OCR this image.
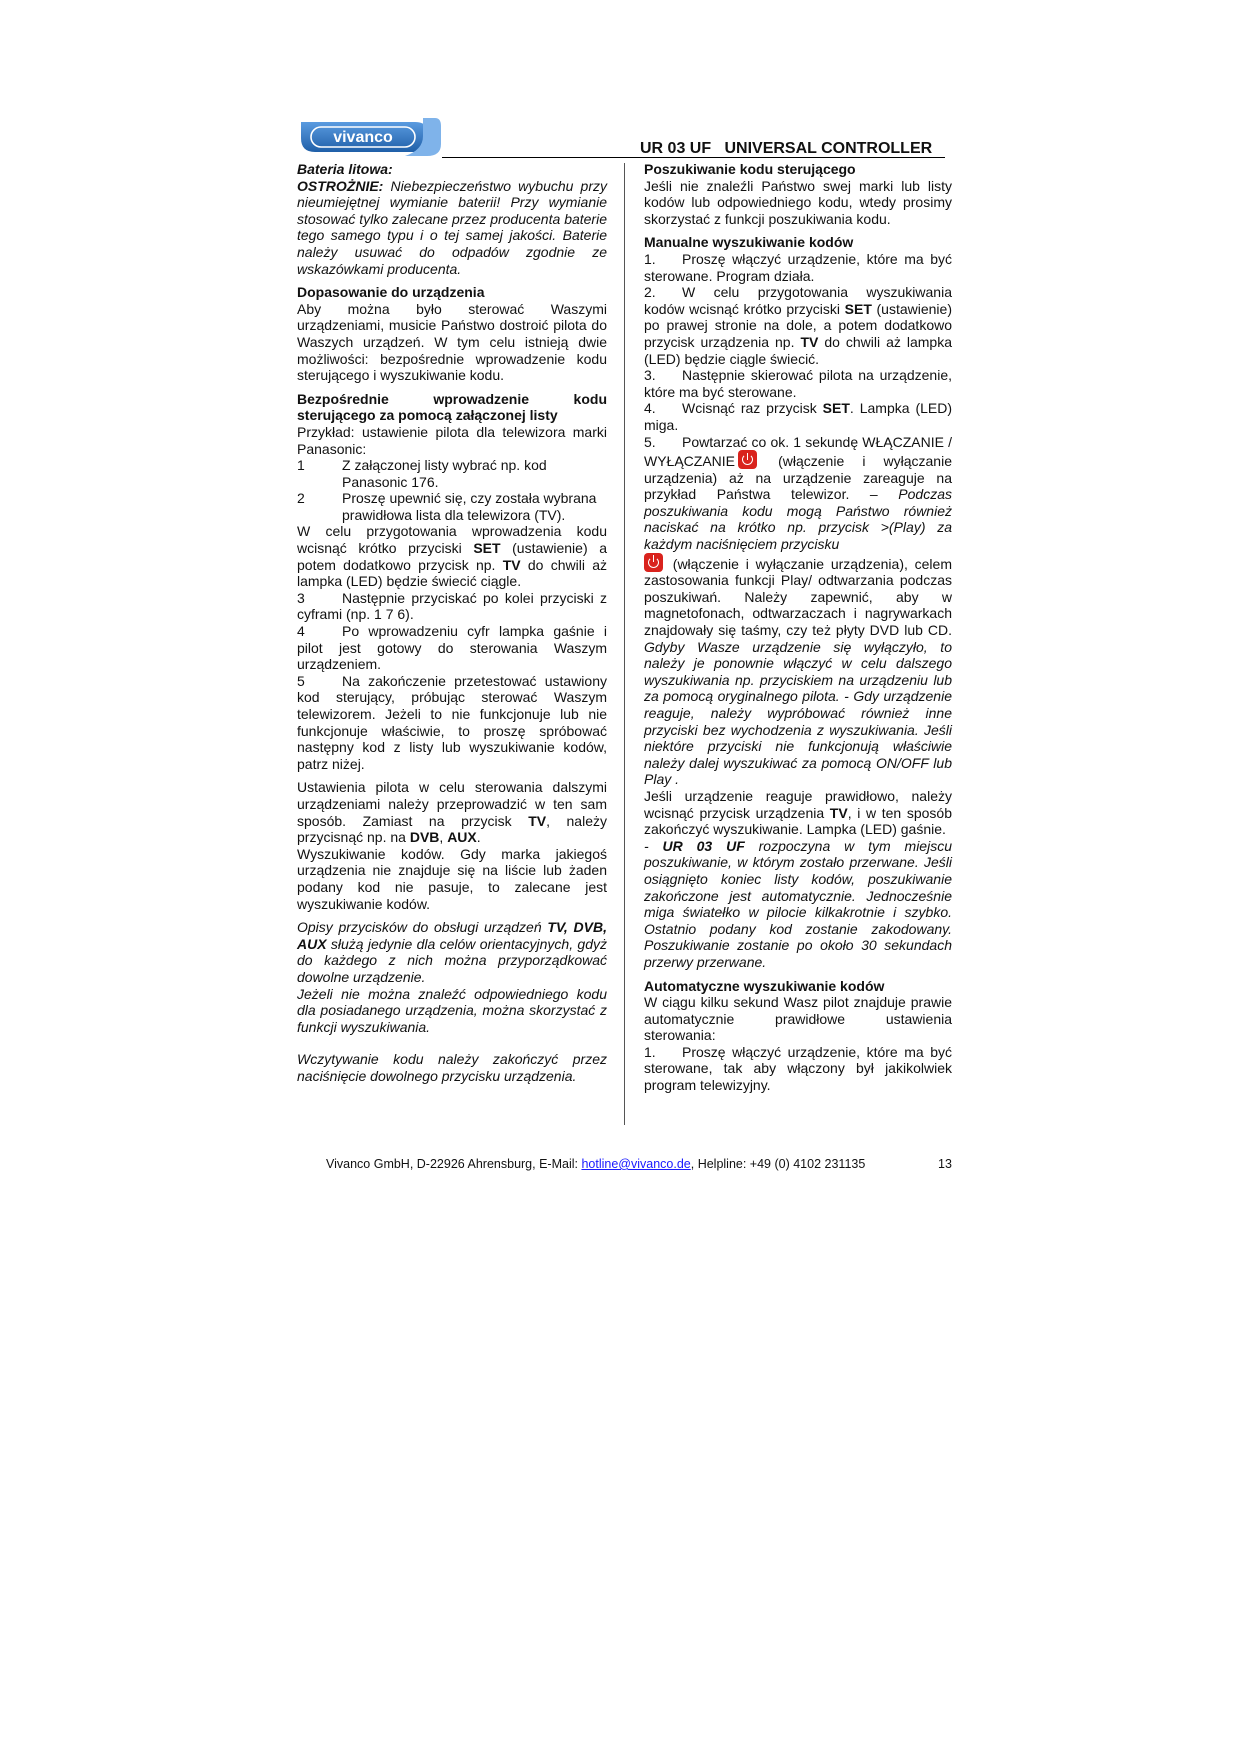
vivanco
UR 03 UF   UNIVERSAL CONTROLLER

Bateria litowa:

OSTROŻNIE: Niebezpieczeństwo wybuchu przy nieumiejętnej wymianie baterii! Przy wymianie stosować tylko zalecane przez producenta baterie tego samego typu i o tej samej jakości. Baterie należy usuwać do odpadów zgodnie ze wskazówkami producenta.

Dopasowanie do urządzenia

Aby można było sterować Waszymi urządzeniami, musicie Państwo dostroić pilota do Waszych urządzeń. W tym celu istnieją dwie możliwości: bezpośrednie wprowadzenie kodu sterującego i wyszukiwanie kodu.

Bezpośrednie wprowadzenie kodu sterującego za pomocą załączonej listy

Przykład: ustawienie pilota dla telewizora marki Panasonic:

1	Z załączonej listy wybrać np. kod Panasonic 176.

2	Proszę upewnić się, czy została wybrana prawidłowa lista dla telewizora (TV).

W celu przygotowania wprowadzenia kodu wcisnąć krótko przyciski SET (ustawienie) a potem dodatkowo przycisk np. TV do chwili aż lampka (LED) będzie świecić ciągle.

3	Następnie przyciskać po kolei przyciski z cyframi (np. 1 7 6).

4	Po wprowadzeniu cyfr lampka gaśnie i pilot jest gotowy do sterowania Waszym urządzeniem.

5	Na zakończenie przetestować ustawiony kod sterujący, próbując sterować Waszym telewizorem. Jeżeli to nie funkcjonuje lub nie funkcjonuje właściwie, to proszę spróbować następny kod z listy lub wyszukiwanie kodów, patrz niżej.

Ustawienia pilota w celu sterowania dalszymi urządzeniami należy przeprowadzić w ten sam sposób. Zamiast na przycisk TV, należy przycisnąć np. na DVB, AUX.

Wyszukiwanie kodów. Gdy marka jakiegoś urządzenia nie znajduje się na liście lub żaden podany kod nie pasuje, to zalecane jest wyszukiwanie kodów.

Opisy przycisków do obsługi urządzeń TV, DVB, AUX służą jedynie dla celów orientacyjnych, gdyż do każdego z nich można przyporządkować dowolne urządzenie.

Jeżeli nie można znaleźć odpowiedniego kodu dla posiadanego urządzenia, można skorzystać z funkcji wyszukiwania.

Wczytywanie kodu należy zakończyć przez naciśnięcie dowolnego przycisku urządzenia.

Poszukiwanie kodu sterującego

Jeśli nie znaleźli Państwo swej marki lub listy kodów lub odpowiedniego kodu, wtedy prosimy skorzystać z funkcji poszukiwania kodu.

Manualne wyszukiwanie kodów

1. Proszę włączyć urządzenie, które ma być sterowane. Program działa.

2. W celu przygotowania wyszukiwania kodów wcisnąć krótko przyciski SET (ustawienie) po prawej stronie na dole, a potem dodatkowo przycisk urządzenia np. TV do chwili aż lampka (LED) będzie ciągle świecić.

3. Następnie skierować pilota na urządzenie, które ma być sterowane.

4. Wcisnąć raz przycisk SET. Lampka (LED) miga.

5. Powtarzać co ok. 1 sekundę WŁĄCZANIE / WYŁĄCZANIE (włączenie i wyłączanie urządzenia) aż na urządzenie zareaguje na przykład Państwa telewizor. – Podczas poszukiwania kodu mogą Państwo również naciskać na krótko np. przycisk >(Play) za każdym naciśnięciem przycisku
(włączenie i wyłączanie urządzenia), celem zastosowania funkcji Play/ odtwarzania podczas poszukiwań. Należy zapewnić, aby w magnetofonach, odtwarzaczach i nagrywarkach znajdowały się taśmy, czy też płyty DVD lub CD. Gdyby Wasze urządzenie się wyłączyło, to należy je ponownie włączyć w celu dalszego wyszukiwania np. przyciskiem na urządzeniu lub za pomocą oryginalnego pilota. - Gdy urządzenie reaguje, należy wypróbować również inne przyciski bez wychodzenia z wyszukiwania. Jeśli niektóre przyciski nie funkcjonują właściwie należy dalej wyszukiwać za pomocą ON/OFF lub Play .

Jeśli urządzenie reaguje prawidłowo, należy wcisnąć przycisk urządzenia TV, i w ten sposób zakończyć wyszukiwanie. Lampka (LED) gaśnie.

- UR 03 UF rozpoczyna w tym miejscu poszukiwanie, w którym zostało przerwane. Jeśli osiągnięto koniec listy kodów, poszukiwanie zakończone jest automatycznie. Jednocześnie miga światełko w pilocie kilkakrotnie i szybko. Ostatnio podany kod zostanie zakodowany. Poszukiwanie zostanie po około 30 sekundach przerwy przerwane.

Automatyczne wyszukiwanie kodów

W ciągu kilku sekund Wasz pilot znajduje prawie automatycznie prawidłowe ustawienia sterowania:

1. Proszę włączyć urządzenie, które ma być sterowane, tak aby włączony był jakikolwiek program telewizyjny.

Vivanco GmbH, D-22926 Ahrensburg, E-Mail: hotline@vivanco.de, Helpline: +49 (0) 4102 231135	13
